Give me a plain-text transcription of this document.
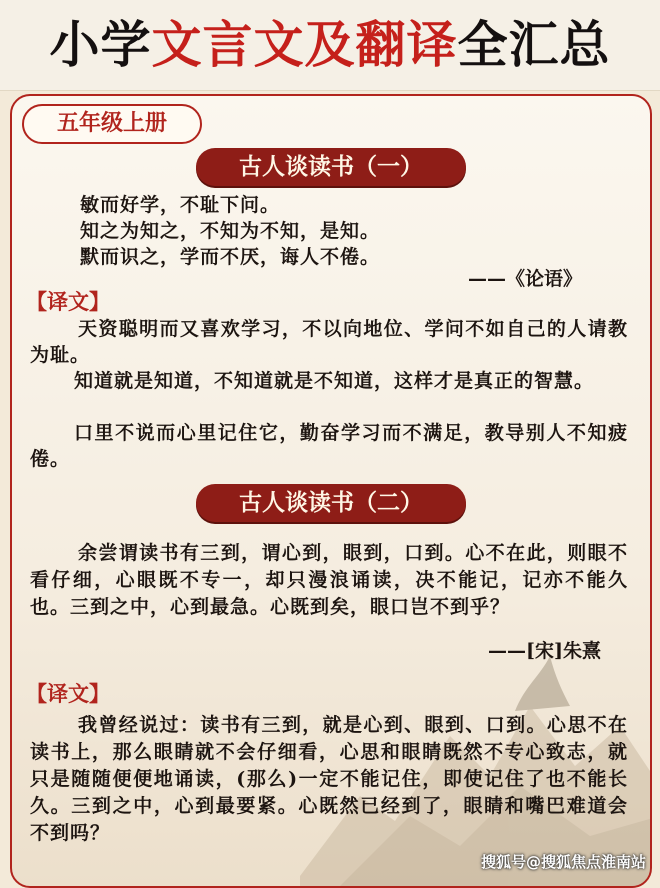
小学文言文及翻译全汇总
五年级上册
古人谈读书（一）
敏而好学，不耻下问。
知之为知之，不知为不知，是知。
默而识之，学而不厌，诲人不倦。
——《论语》
【译文】
天资聪明而又喜欢学习，不以向地位、学问不如自己的人请教为耻。
知道就是知道，不知道就是不知道，这样才是真正的智慧。
口里不说而心里记住它，勤奋学习而不满足，教导别人不知疲倦。
古人谈读书（二）
余尝谓读书有三到，谓心到，眼到，口到。心不在此，则眼不看仔细，心眼既不专一，却只漫浪诵读，决不能记，记亦不能久也。三到之中，心到最急。心既到矣，眼口岂不到乎？
——[宋]朱熹
【译文】
我曾经说过：读书有三到，就是心到、眼到、口到。心思不在读书上，那么眼睛就不会仔细看，心思和眼睛既然不专心致志，就只是随随便便地诵读，(那么)一定不能记住，即使记住了也不能长久。三到之中，心到最要紧。心既然已经到了，眼睛和嘴巴难道会不到吗？
搜狐号@搜狐焦点淮南站
